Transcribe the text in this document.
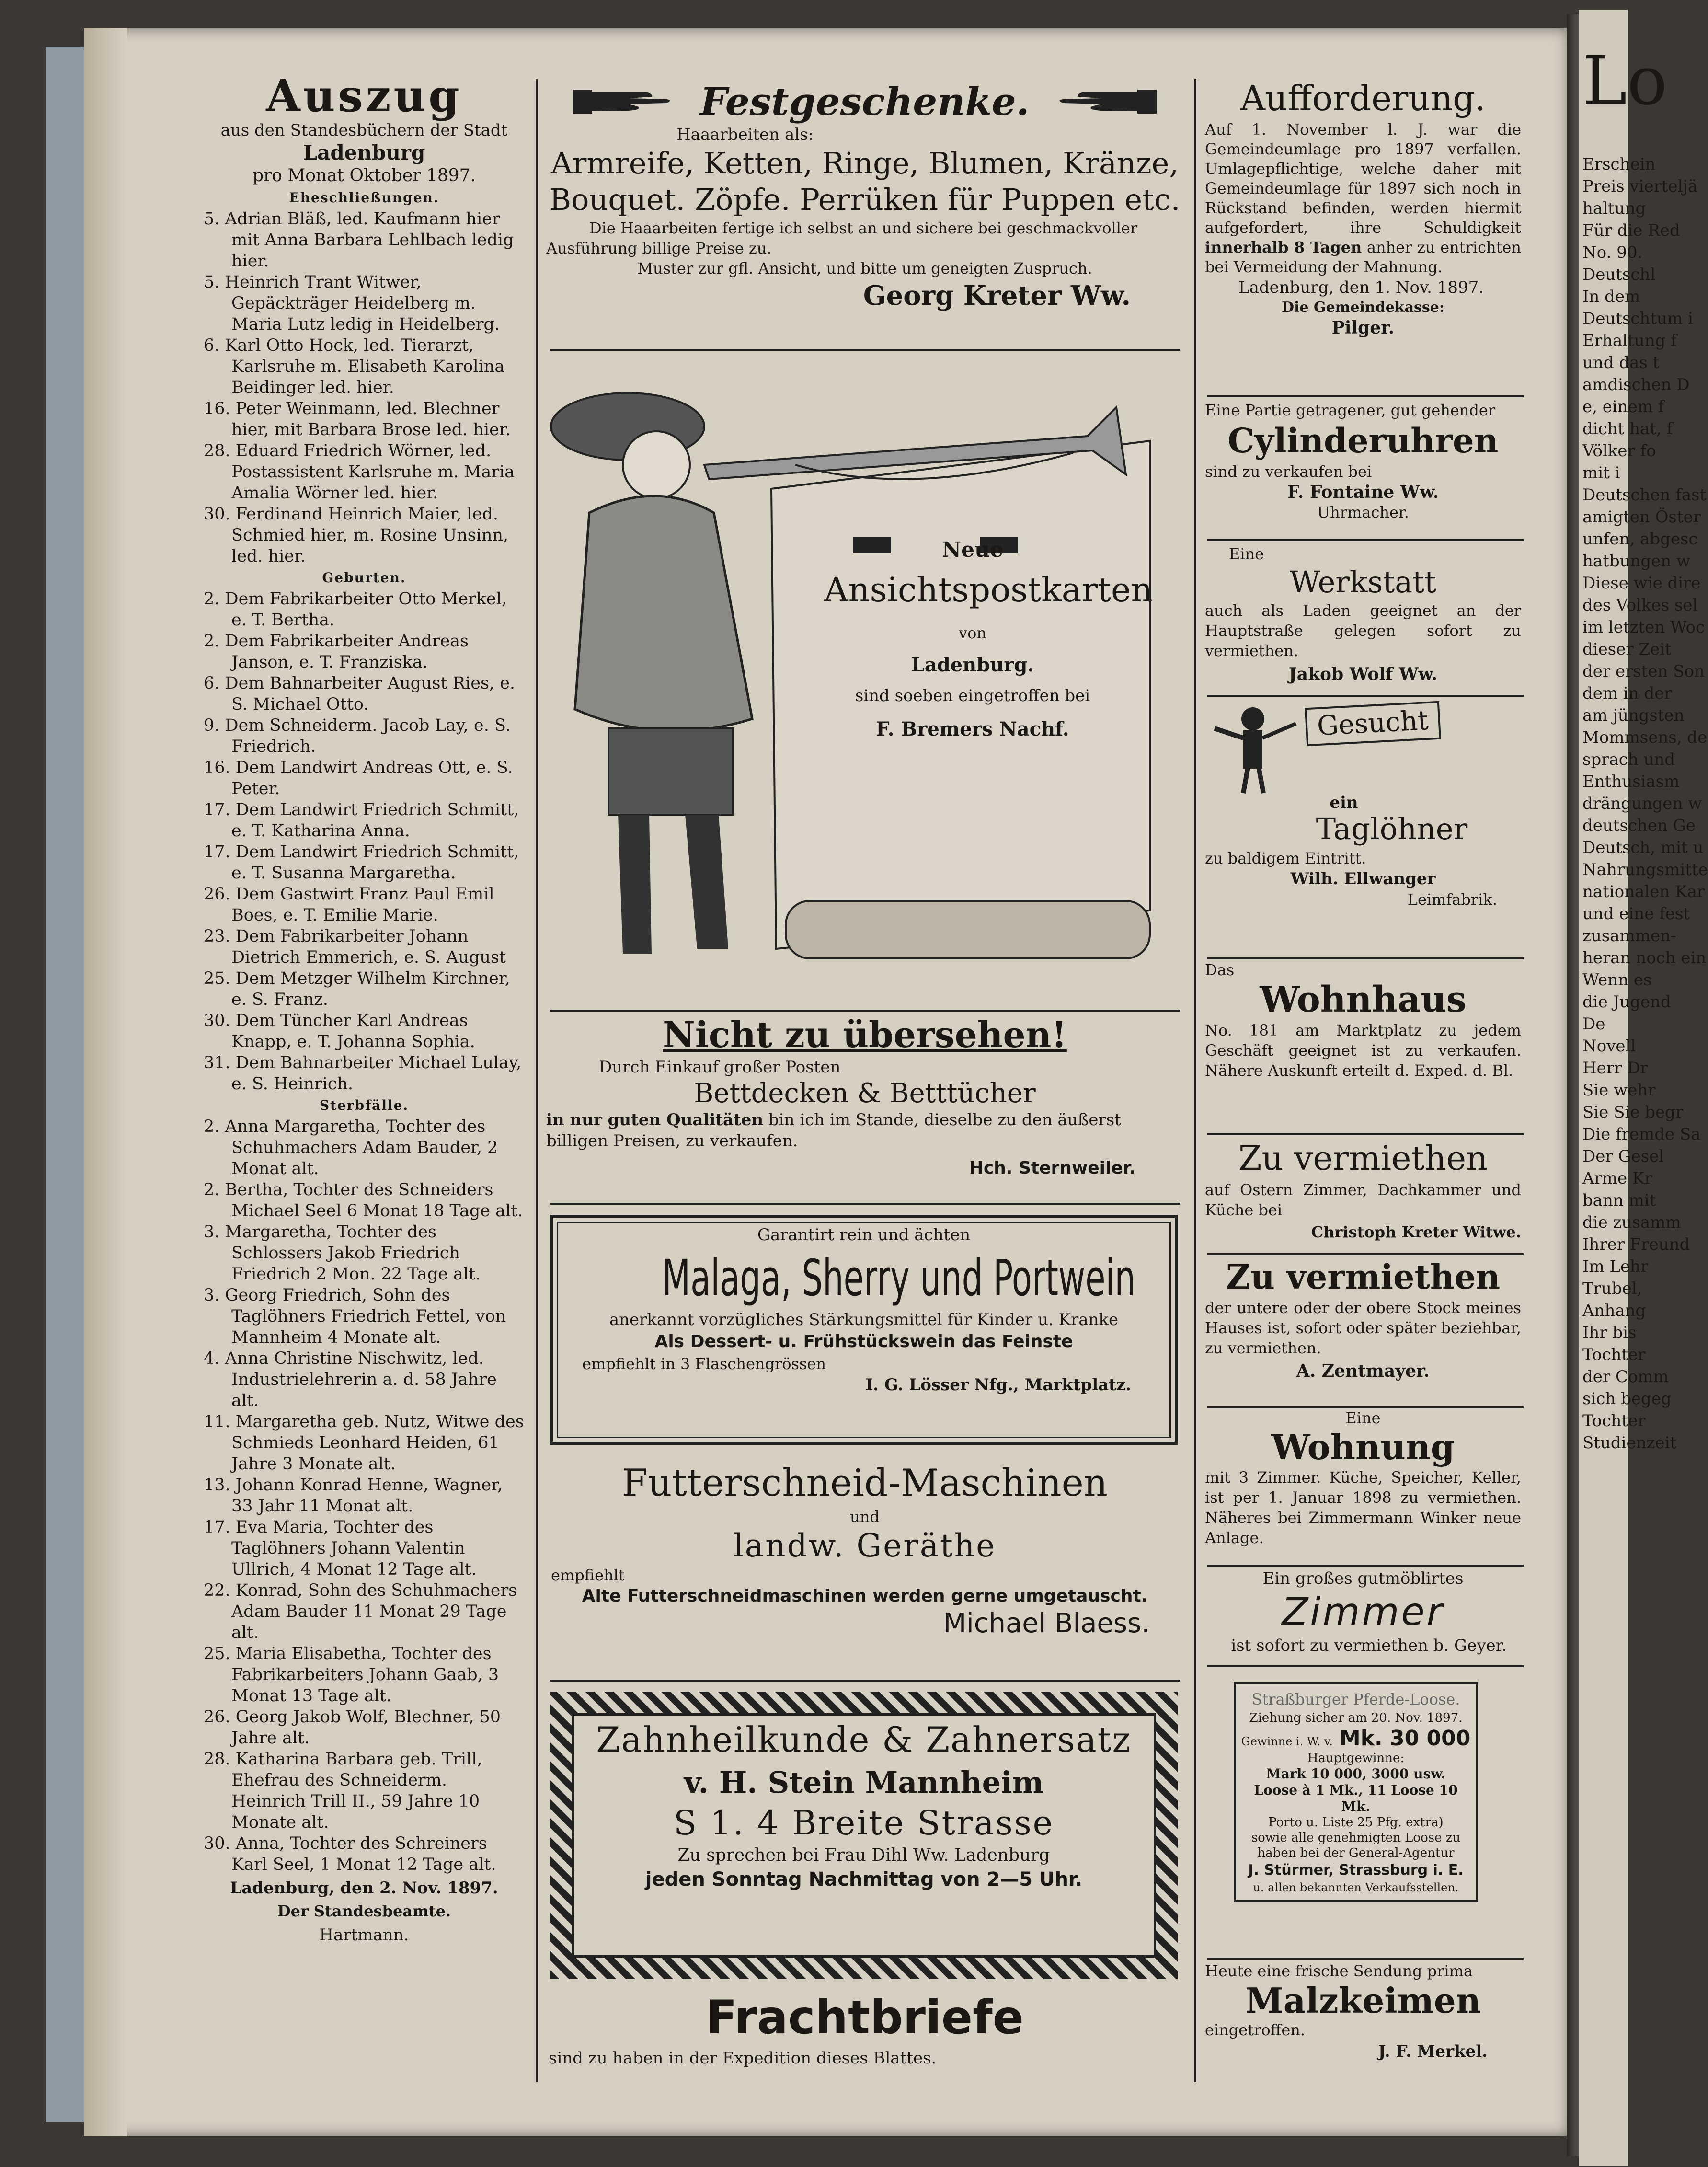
Lo
Erschein
Preis vierteljä
haltung
Für die Red
No. 90.
Deutschl
In dem
Deutschtum i
Erhaltung f
und das t
amdischen D
e, einem f
dicht hat, f
Völker fo
mit i
Deutschen fast
amigten Öster
unfen, abgesc
hatbungen w
Diese wie dire
des Volkes sel
im letzten Woc
dieser Zeit
der ersten Son
dem in der
am jüngsten
Mommsens, de
sprach und
Enthusiasm
drängungen w
deutschen Ge
Deutsch, mit u
Nahrungsmitte
nationalen Kar
und eine fest
zusammen-
heran noch ein
Wenn es
die Jugend
De
Novell
Herr Dr
Sie wehr
Sie Sie begr
Die fremde Sa
Der Gesel
Arme Kr
bann mit
die zusamm
Ihrer Freund
Im Lehr
Trubel,
Anhang
Ihr bis
Tochter
der Comm
sich begeg
Tochter
Studienzeit
Auszug
aus den Standesbüchern der Stadt
Ladenburg
pro Monat Oktober 1897.
Eheschließungen.

5. Adrian Bläß, led. Kaufmann hier mit Anna Barbara Lehlbach ledig hier.

5. Heinrich Trant Witwer, Gepäckträger Heidelberg m. Maria Lutz ledig in Heidelberg.

6. Karl Otto Hock, led. Tierarzt, Karlsruhe m. Elisabeth Karolina Beidinger led. hier.

16. Peter Weinmann, led. Blechner hier, mit Barbara Brose led. hier.

28. Eduard Friedrich Wörner, led. Postassistent Karlsruhe m. Maria Amalia Wörner led. hier.

30. Ferdinand Heinrich Maier, led. Schmied hier, m. Rosine Unsinn, led. hier.

Geburten.

2. Dem Fabrikarbeiter Otto Merkel, e. T. Bertha.

2. Dem Fabrikarbeiter Andreas Janson, e. T. Franziska.

6. Dem Bahnarbeiter August Ries, e. S. Michael Otto.

9. Dem Schneiderm. Jacob Lay, e. S. Friedrich.

16. Dem Landwirt Andreas Ott, e. S. Peter.

17. Dem Landwirt Friedrich Schmitt, e. T. Katharina Anna.

17. Dem Landwirt Friedrich Schmitt, e. T. Susanna Margaretha.

26. Dem Gastwirt Franz Paul Emil Boes, e. T. Emilie Marie.

23. Dem Fabrikarbeiter Johann Dietrich Emmerich, e. S. August

25. Dem Metzger Wilhelm Kirchner, e. S. Franz.

30. Dem Tüncher Karl Andreas Knapp, e. T. Johanna Sophia.

31. Dem Bahnarbeiter Michael Lulay, e. S. Heinrich.

Sterbfälle.

2. Anna Margaretha, Tochter des Schuhmachers Adam Bauder, 2 Monat alt.

2. Bertha, Tochter des Schneiders Michael Seel 6 Monat 18 Tage alt.

3. Margaretha, Tochter des Schlossers Jakob Friedrich Friedrich 2 Mon. 22 Tage alt.

3. Georg Friedrich, Sohn des Taglöhners Friedrich Fettel, von Mannheim 4 Monate alt.

4. Anna Christine Nischwitz, led. Industrielehrerin a. d. 58 Jahre alt.

11. Margaretha geb. Nutz, Witwe des Schmieds Leonhard Heiden, 61 Jahre 3 Monate alt.

13. Johann Konrad Henne, Wagner, 33 Jahr 11 Monat alt.

17. Eva Maria, Tochter des Taglöhners Johann Valentin Ullrich, 4 Monat 12 Tage alt.

22. Konrad, Sohn des Schuhmachers Adam Bauder 11 Monat 29 Tage alt.

25. Maria Elisabetha, Tochter des Fabrikarbeiters Johann Gaab, 3 Monat 13 Tage alt.

26. Georg Jakob Wolf, Blechner, 50 Jahre alt.

28. Katharina Barbara geb. Trill, Ehefrau des Schneiderm. Heinrich Trill II., 59 Jahre 10 Monate alt.

30. Anna, Tochter des Schreiners Karl Seel, 1 Monat 12 Tage alt.

Ladenburg, den 2. Nov. 1897.
Der Standesbeamte.
Hartmann.
Festgeschenke.
Haaarbeiten als:
Armreife, Ketten, Ringe, Blumen, Kränze,
Bouquet. Zöpfe. Perrüken für Puppen etc.
Die Haaarbeiten fertige ich selbst an und sichere bei geschmackvoller Ausführung billige Preise zu.
Muster zur gfl. Ansicht, und bitte um geneigten Zuspruch.
Georg Kreter Ww.
Neue
Ansichtspostkarten
von
Ladenburg.
sind soeben eingetroffen bei
F. Bremers Nachf.
Nicht zu übersehen!
Durch Einkauf großer Posten
Bettdecken & Betttücher
in nur guten Qualitäten bin ich im Stande, dieselbe zu den äußerst billigen Preisen, zu verkaufen.
Hch. Sternweiler.
Garantirt rein und ächten
Malaga, Sherry und Portwein
anerkannt vorzügliches Stärkungsmittel für Kinder u. Kranke
Als Dessert- u. Frühstückswein das Feinste
empfiehlt in 3 Flaschengrössen
I. G. Lösser Nfg., Marktplatz.
Futterschneid-Maschinen
und
landw. Geräthe
empfiehlt
Alte Futterschneidmaschinen werden gerne umgetauscht.
Michael Blaess.
Zahnheilkunde & Zahnersatz
v. H. Stein Mannheim
S 1. 4 Breite Strasse
Zu sprechen bei Frau Dihl Ww. Ladenburg
jeden Sonntag Nachmittag von 2—5 Uhr.
Frachtbriefe
sind zu haben in der Expedition dieses Blattes.
Aufforderung.
Auf 1. November l. J. war die Gemeindeumlage pro 1897 verfallen. Umlagepflichtige, welche daher mit Gemeindeumlage für 1897 sich noch in Rückstand befinden, werden hiermit aufgefordert, ihre Schuldigkeit innerhalb 8 Tagen anher zu entrichten bei Vermeidung der Mahnung.
Ladenburg, den 1. Nov. 1897.
Die Gemeindekasse:
Pilger.
Eine Partie getragener, gut gehender
Cylinderuhren
sind zu verkaufen bei
F. Fontaine Ww.
Uhrmacher.
Eine
Werkstatt
auch als Laden geeignet an der Hauptstraße gelegen sofort zu vermiethen.
Jakob Wolf Ww.
Gesucht
ein
Taglöhner
zu baldigem Eintritt.
Wilh. Ellwanger
Leimfabrik.
Das
Wohnhaus
No. 181 am Marktplatz zu jedem Geschäft geeignet ist zu verkaufen. Nähere Auskunft erteilt d. Exped. d. Bl.
Zu vermiethen
auf Ostern Zimmer, Dachkammer und Küche bei
Christoph Kreter Witwe.
Zu vermiethen
der untere oder der obere Stock meines Hauses ist, sofort oder später beziehbar, zu vermiethen.
A. Zentmayer.
Eine
Wohnung
mit 3 Zimmer. Küche, Speicher, Keller, ist per 1. Januar 1898 zu vermiethen. Näheres bei Zimmermann Winker neue Anlage.
Ein großes gutmöblirtes
Zimmer
ist sofort zu vermiethen b. Geyer.
Straßburger Pferde-Loose.
Ziehung sicher am 20. Nov. 1897.
Gewinne i. W. v. Mk. 30 000
Hauptgewinne:
Mark 10 000, 3000 usw.
Loose à 1 Mk., 11 Loose 10 Mk.
Porto u. Liste 25 Pfg. extra)
sowie alle genehmigten Loose zu haben bei der General-Agentur
J. Stürmer, Strassburg i. E.
u. allen bekannten Verkaufsstellen.
Heute eine frische Sendung prima
Malzkeimen
eingetroffen.
J. F. Merkel.
